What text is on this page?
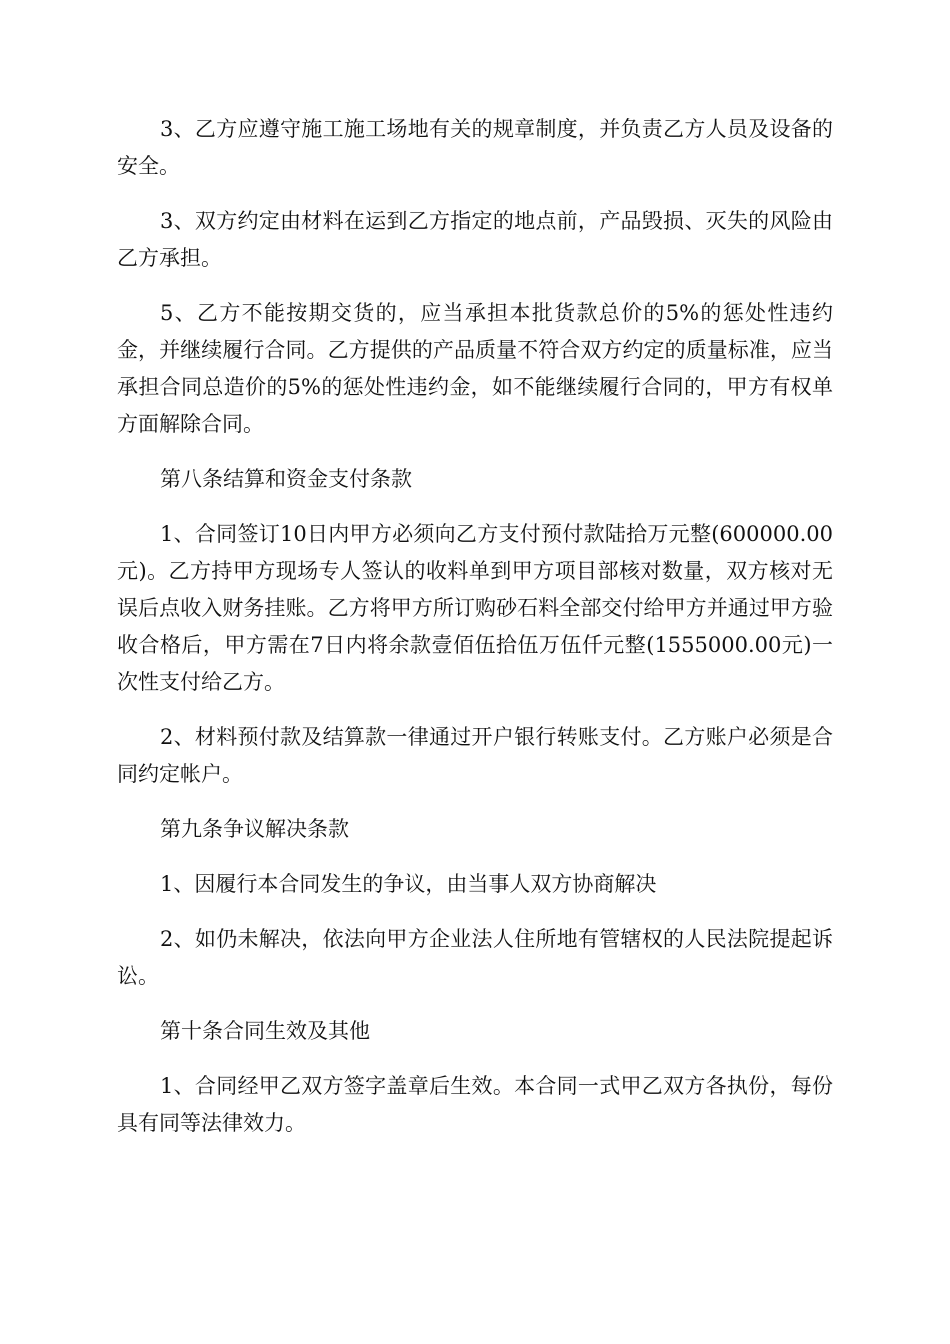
3、乙方应遵守施工施工场地有关的规章制度，并负责乙方人员及设备的安全。

3、双方约定由材料在运到乙方指定的地点前，产品毁损、灭失的风险由乙方承担。

5、乙方不能按期交货的，应当承担本批货款总价的5%的惩处性违约金，并继续履行合同。乙方提供的产品质量不符合双方约定的质量标准，应当承担合同总造价的5%的惩处性违约金，如不能继续履行合同的，甲方有权单方面解除合同。

第八条结算和资金支付条款

1、合同签订10日内甲方必须向乙方支付预付款陆拾万元整(600000.00元)。乙方持甲方现场专人签认的收料单到甲方项目部核对数量，双方核对无误后点收入财务挂账。乙方将甲方所订购砂石料全部交付给甲方并通过甲方验收合格后，甲方需在7日内将余款壹佰伍拾伍万伍仟元整(1555000.00元)一次性支付给乙方。

2、材料预付款及结算款一律通过开户银行转账支付。乙方账户必须是合同约定帐户。

第九条争议解决条款

1、因履行本合同发生的争议，由当事人双方协商解决

2、如仍未解决，依法向甲方企业法人住所地有管辖权的人民法院提起诉讼。

第十条合同生效及其他

1、合同经甲乙双方签字盖章后生效。本合同一式甲乙双方各执份，每份具有同等法律效力。
